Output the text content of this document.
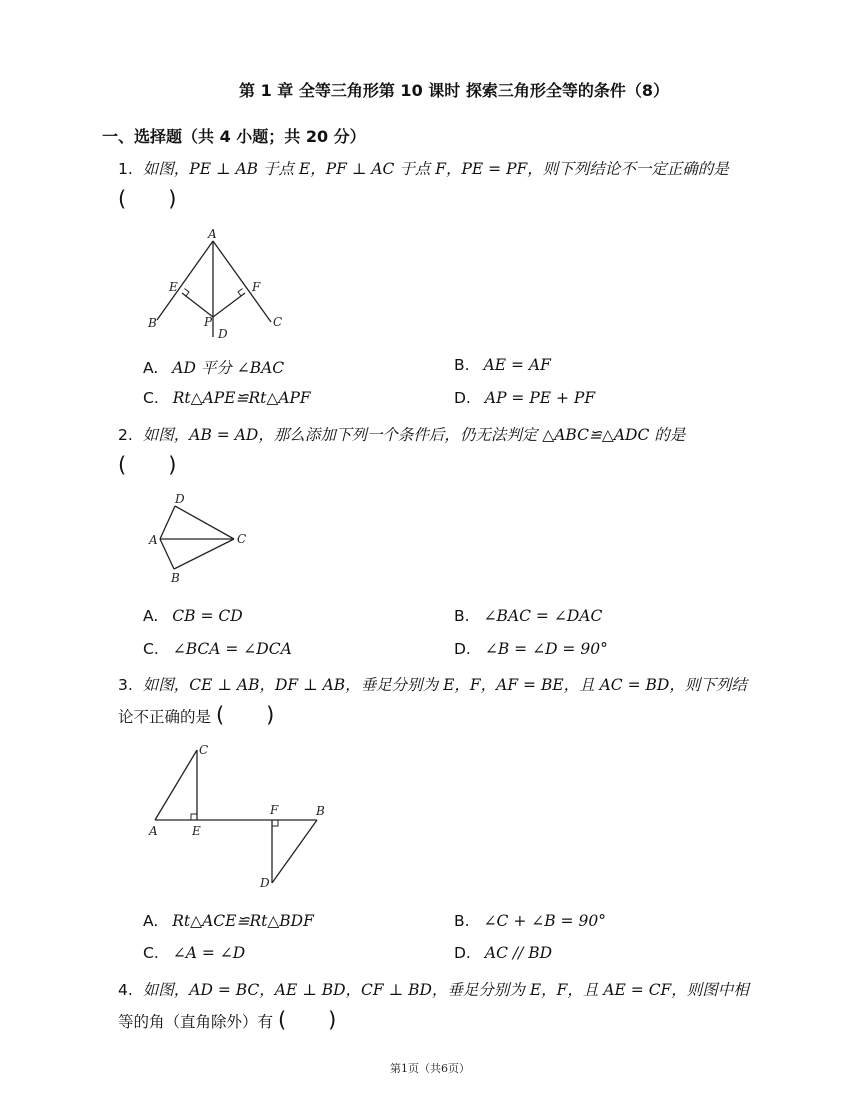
第 1 章 全等三角形第 10 课时 探索三角形全等的条件（8）
一、选择题（共 4 小题；共 20 分）
1. 如图，PE ⊥ AB 于点 E，PF ⊥ AC 于点 F，PE = PF，则下列结论不一定正确的是
(　　)
A
E	F
B	P
D
C
A. AD 平分 ∠BAC	B. AE = AF
C. Rt△APE≌Rt△APF	D. AP = PE + PF
2. 如图，AB = AD，那么添加下列一个条件后，仍无法判定 △ABC≌△ADC 的是
(　　)
D
A	C
B
A. CB = CD	B. ∠BAC = ∠DAC
C. ∠BCA = ∠DCA	D. ∠B = ∠D = 90°
3. 如图，CE ⊥ AB，DF ⊥ AB，垂足分别为 E，F，AF = BE，且 AC = BD，则下列结
论不正确的是 (　　)
C
A	E
F	B
D
A. Rt△ACE≌Rt△BDF	B. ∠C + ∠B = 90°
C. ∠A = ∠D	D. AC // BD
4. 如图，AD = BC，AE ⊥ BD，CF ⊥ BD，垂足分别为 E，F，且 AE = CF，则图中相
等的角（直角除外）有 (　　)
第1页（共6页）
